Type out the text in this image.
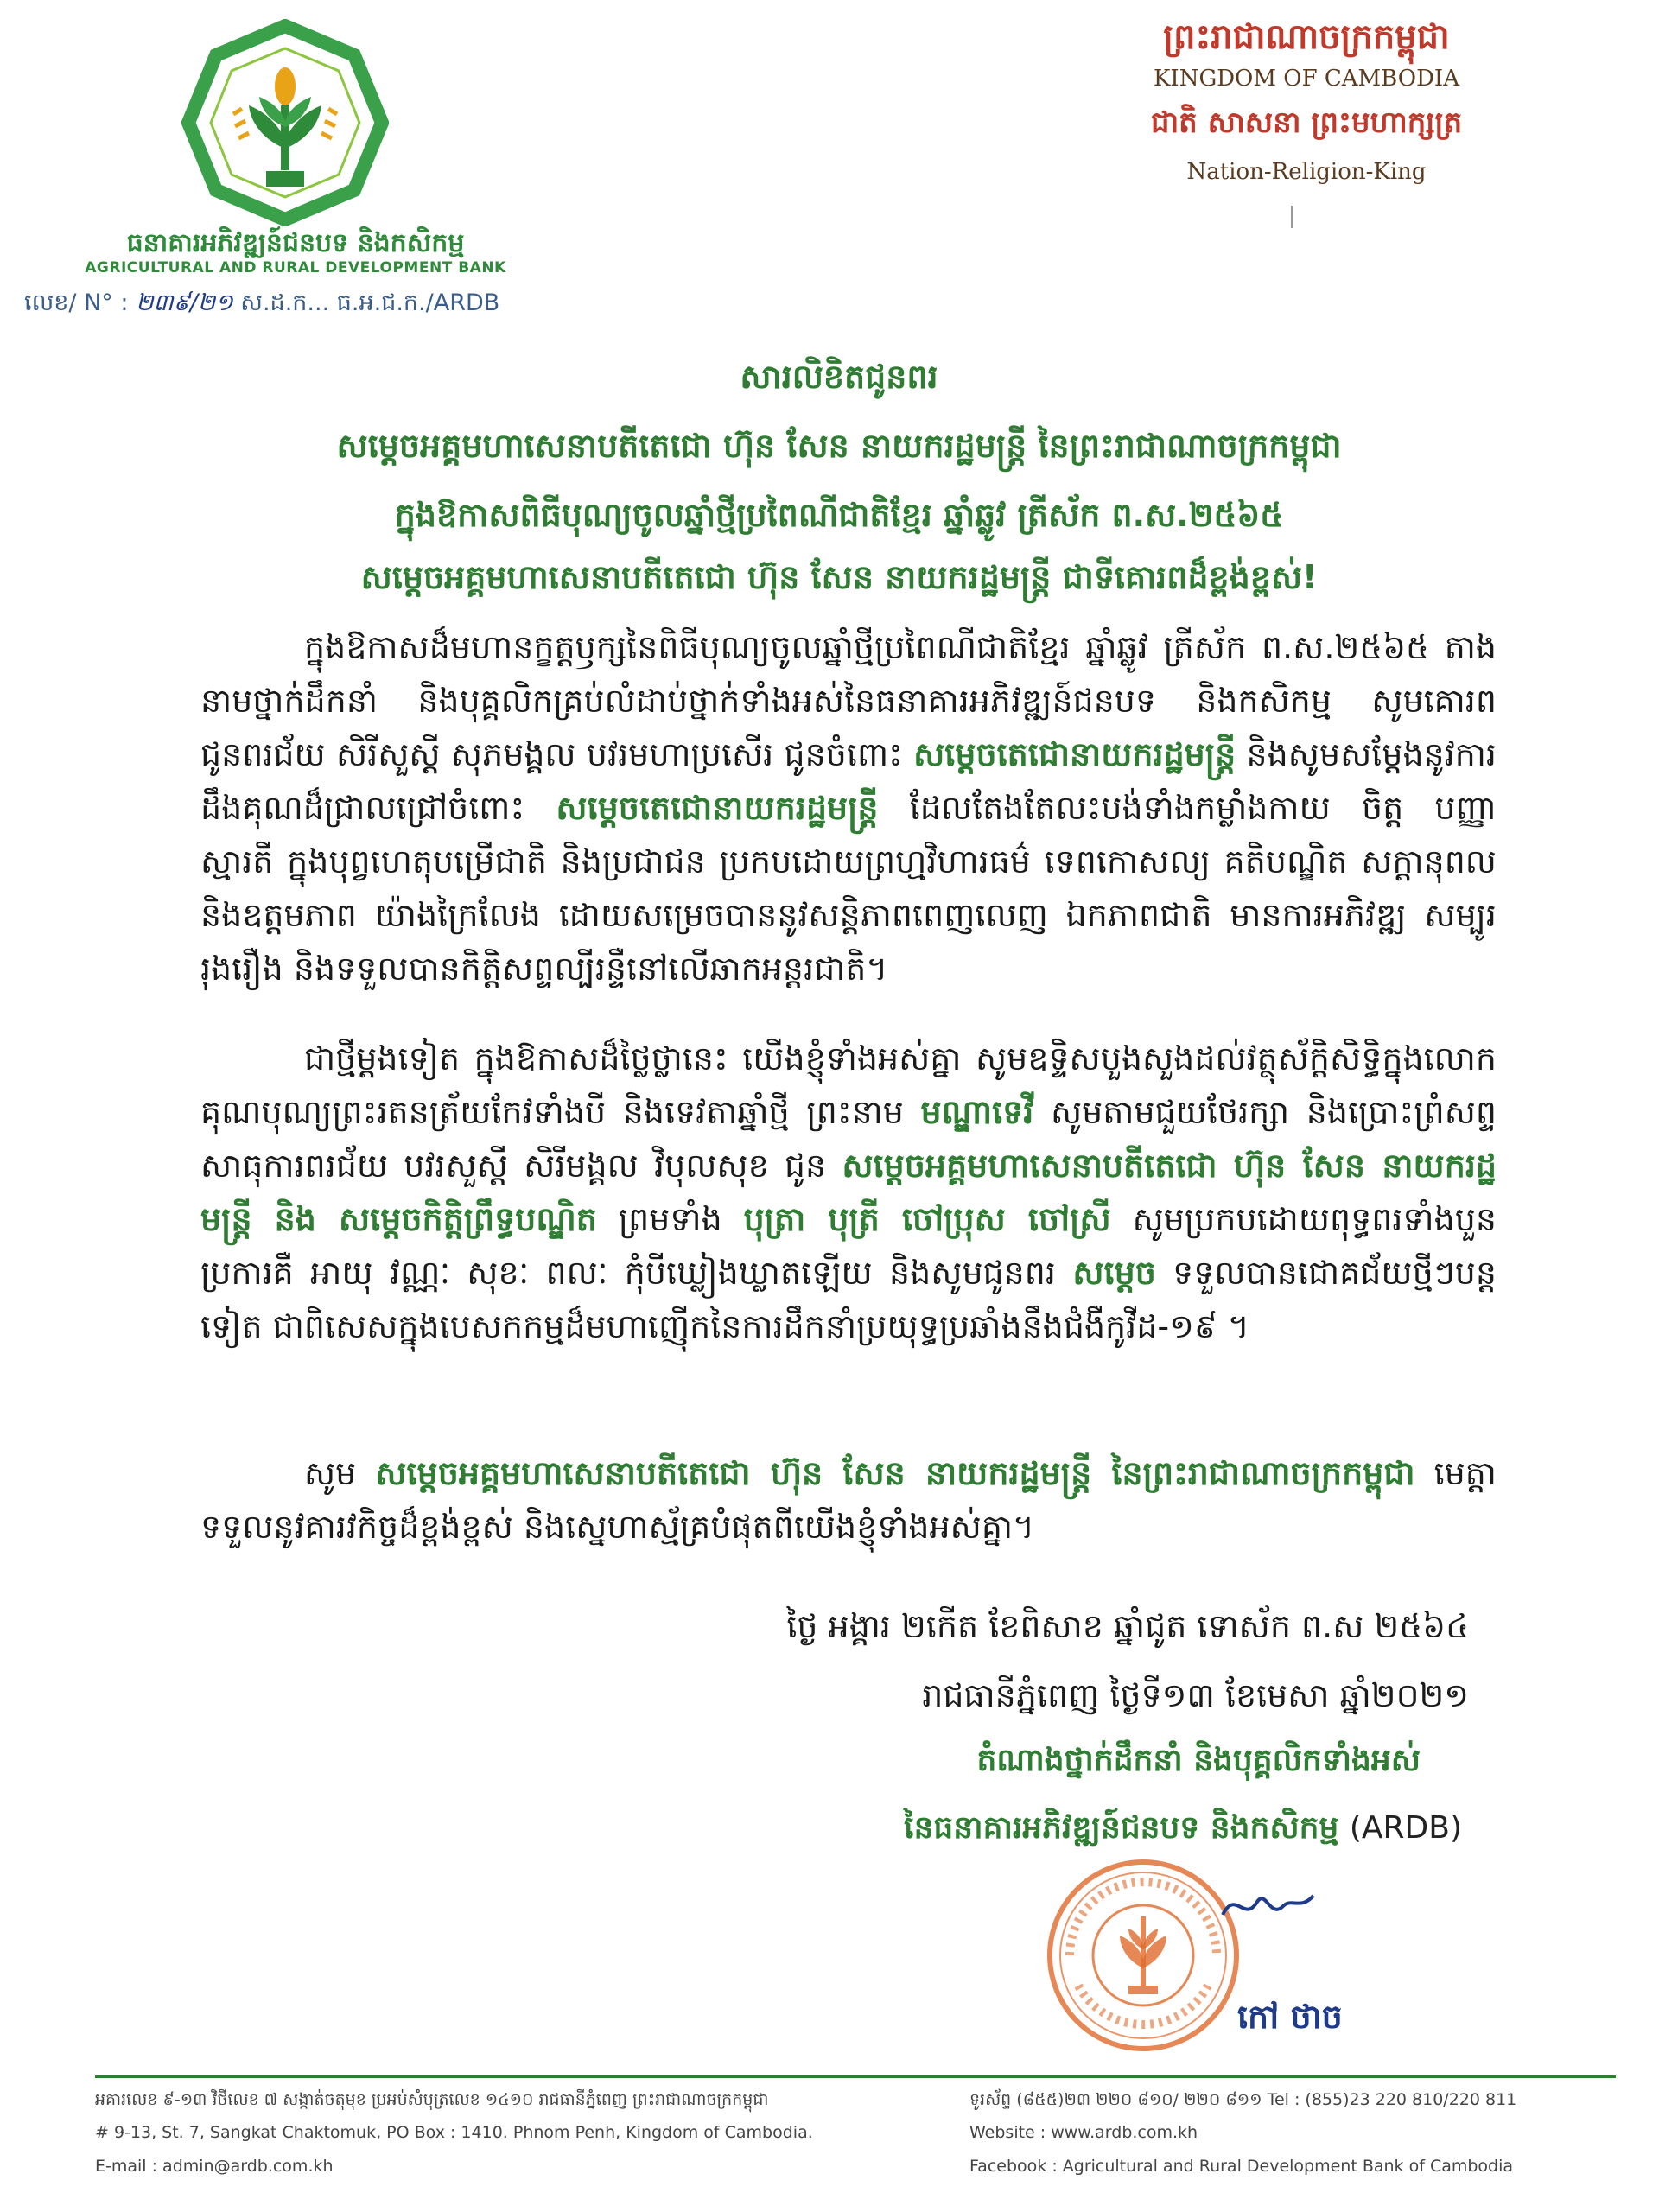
ធនាគារអភិវឌ្ឍន៍ជនបទ និងកសិកម្ម
AGRICULTURAL AND RURAL DEVELOPMENT BANK
លេខ/ N° : ២៣៩/២១ ស.ដ.ក... ធ.អ.ជ.ក./ARDB
ព្រះរាជាណាចក្រកម្ពុជា
KINGDOM OF CAMBODIA
ជាតិ សាសនា ព្រះមហាក្សត្រ
Nation-Religion-King
សារលិខិតជូនពរ
សម្តេចអគ្គមហាសេនាបតីតេជោ ហ៊ុន សែន នាយករដ្ឋមន្ត្រី នៃព្រះរាជាណាចក្រកម្ពុជា
ក្នុងឱកាសពិធីបុណ្យចូលឆ្នាំថ្មីប្រពៃណីជាតិខ្មែរ ឆ្នាំឆ្លូវ ត្រីស័ក ព.ស.២៥៦៥
សម្តេចអគ្គមហាសេនាបតីតេជោ ហ៊ុន សែន នាយករដ្ឋមន្ត្រី ជាទីគោរពដ៏ខ្ពង់ខ្ពស់!
ក្នុងឱកាសដ៏មហានក្ខត្តឫក្សនៃពិធីបុណ្យចូលឆ្នាំថ្មីប្រពៃណីជាតិខ្មែរ ឆ្នាំឆ្លូវ ត្រីស័ក ព.ស.២៥៦៥ តាងនាមថ្នាក់ដឹកនាំ និងបុគ្គលិកគ្រប់លំដាប់ថ្នាក់ទាំងអស់នៃធនាគារអភិវឌ្ឍន៍ជនបទ និងកសិកម្ម សូមគោរពជូនពរជ័យ សិរីសួស្តី សុភមង្គល បវរមហាប្រសើរ ជូនចំពោះ សម្តេចតេជោនាយករដ្ឋមន្ត្រី និងសូមសម្តែងនូវការដឹងគុណដ៏ជ្រាលជ្រៅចំពោះ សម្តេចតេជោនាយករដ្ឋមន្ត្រី ដែលតែងតែលះបង់ទាំងកម្លាំងកាយ ចិត្ត បញ្ញា ស្មារតី ក្នុងបុព្វហេតុបម្រើជាតិ និងប្រជាជន ប្រកបដោយព្រហ្មវិហារធម៌ ទេពកោសល្យ គតិបណ្ឌិត សក្តានុពល និងឧត្តមភាព យ៉ាងក្រៃលែង ដោយសម្រេចបាននូវសន្តិភាពពេញលេញ ឯកភាពជាតិ មានការអភិវឌ្ឍ សម្បូររុងរឿង និងទទួលបានកិត្តិសព្ទល្បីរន្ទឺនៅលើឆាកអន្តរជាតិ។
ជាថ្មីម្តងទៀត ក្នុងឱកាសដ៏ថ្លៃថ្លានេះ យើងខ្ញុំទាំងអស់គ្នា សូមឧទ្ទិសបួងសួងដល់វត្ថុស័ក្តិសិទ្ធិក្នុងលោក គុណបុណ្យព្រះរតនត្រ័យកែវទាំងបី និងទេវតាឆ្នាំថ្មី ព្រះនាម មណ្ឌាទេវី សូមតាមជួយថែរក្សា និងប្រោះព្រំសព្ទសាធុការពរជ័យ បវរសួស្តី សិរីមង្គល វិបុលសុខ ជូន សម្តេចអគ្គមហាសេនាបតីតេជោ ហ៊ុន សែន នាយករដ្ឋមន្ត្រី និង សម្តេចកិត្តិព្រឹទ្ធបណ្ឌិត ព្រមទាំង បុត្រា បុត្រី ចៅប្រុស ចៅស្រី សូមប្រកបដោយពុទ្ធពរទាំងបួនប្រការគឺ អាយុ វណ្ណៈ សុខៈ ពលៈ កុំបីឃ្លៀងឃ្លាតឡើយ និងសូមជូនពរ សម្តេច ទទួលបានជោគជ័យថ្មីៗបន្តទៀត ជាពិសេសក្នុងបេសកកម្មដ៏មហាញ៉ើកនៃការដឹកនាំប្រយុទ្ធប្រឆាំងនឹងជំងឺកូវីដ-១៩ ។
សូម សម្តេចអគ្គមហាសេនាបតីតេជោ ហ៊ុន សែន នាយករដ្ឋមន្ត្រី នៃព្រះរាជាណាចក្រកម្ពុជា មេត្តាទទួលនូវគារវកិច្ចដ៏ខ្ពង់ខ្ពស់ និងស្នេហាស្ម័គ្របំផុតពីយើងខ្ញុំទាំងអស់គ្នា។
ថ្ងៃ អង្គារ ២កើត ខែពិសាខ ឆ្នាំជូត ទោស័ក ព.ស ២៥៦៤
រាជធានីភ្នំពេញ ថ្ងៃទី១៣ ខែមេសា ឆ្នាំ២០២១
តំណាងថ្នាក់ដឹកនាំ និងបុគ្គលិកទាំងអស់
នៃធនាគារអភិវឌ្ឍន៍ជនបទ និងកសិកម្ម (ARDB)
កៅ ថាច
អគារលេខ ៩-១៣ វិថីលេខ ៧ សង្កាត់ចតុមុខ ប្រអប់សំបុត្រលេខ ១៤១០ រាជធានីភ្នំពេញ ព្រះរាជាណាចក្រកម្ពុជា
# 9-13, St. 7, Sangkat Chaktomuk, PO Box : 1410. Phnom Penh, Kingdom of Cambodia.
E-mail : admin@ardb.com.kh
ទូរស័ព្ទ (៨៥៥)២៣ ២២០ ៨១០/ ២២០ ៨១១ Tel : (855)23 220 810/220 811
Website : www.ardb.com.kh
Facebook : Agricultural and Rural Development Bank of Cambodia
